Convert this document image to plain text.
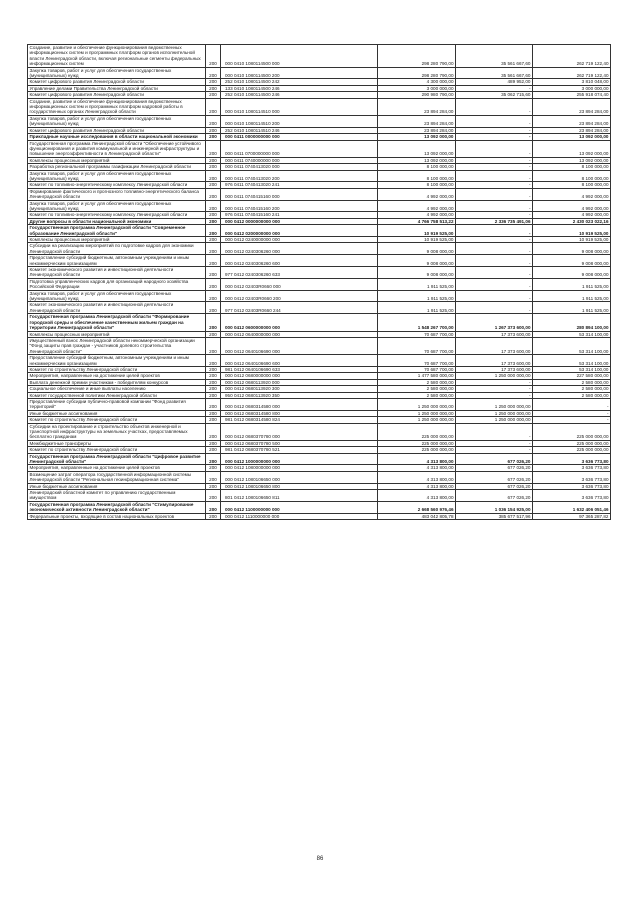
Создание, развитие и обеспечение функционирования ведомственных информационных систем и программных платформ органов исполнительной власти Ленинградской области, включая региональные сегменты федеральных информационных систем	200	000 0410 1080114500 000	298 280 790,00	35 561 667,60	262 719 122,40
Закупка товаров, работ и услуг для обеспечения государственных (муниципальных) нужд	200	000 0410 1080114500 200	298 280 790,00	35 561 667,60	262 719 122,40
Комитет цифрового развития Ленинградской области	200	252 0410 1080114500 242	4 300 000,00	489 952,00	3 810 048,00
Управление делами Правительства Ленинградской области	200	133 0410 1080114500 246	3 000 000,00	-	3 000 000,00
Комитет цифрового развития Ленинградской области	200	252 0410 1080114500 246	290 980 790,00	35 062 715,60	255 918 074,40
Создание, развитие и обеспечение функционирования ведомственных информационных систем и программных платформ кадровой работы в государственных органах Ленинградской области	200	000 0410 1080114510 000	23 894 284,00	-	23 894 284,00
Закупка товаров, работ и услуг для обеспечения государственных (муниципальных) нужд	200	000 0410 1080114510 200	23 894 284,00	-	23 894 284,00
Комитет цифрового развития Ленинградской области	200	252 0410 1080114510 246	23 894 284,00	-	23 894 284,00
Прикладные научные исследования в области национальной экономики	200	000 0411 0000000000 000	13 092 000,00	-	13 092 000,00
Государственная программа Ленинградской области "Обеспечение устойчивого функционирования и развития коммунальной и инженерной инфраструктуры и повышение энергоэффективности в Ленинградской области"	200	000 0411 0700000000 000	13 092 000,00	-	13 092 000,00
Комплексы процессных мероприятий	200	000 0411 0740000000 000	13 092 000,00	-	13 092 000,00
Разработка региональной программы газификации Ленинградской области	200	000 0411 0740413020 000	8 100 000,00	-	8 100 000,00
Закупка товаров, работ и услуг для обеспечения государственных (муниципальных) нужд	200	000 0411 0740413020 200	8 100 000,00	-	8 100 000,00
Комитет по топливно-энергетическому комплексу Ленинградской области	200	976 0411 0740413020 241	8 100 000,00	-	8 100 000,00
Формирование фактического и прогнозного топливно-энергетического баланса Ленинградской области	200	000 0411 0740415160 000	4 992 000,00	-	4 992 000,00
Закупка товаров, работ и услуг для обеспечения государственных (муниципальных) нужд	200	000 0411 0740415160 200	4 992 000,00	-	4 992 000,00
Комитет по топливно-энергетическому комплексу Ленинградской области	200	976 0411 0740415160 241	4 992 000,00	-	4 992 000,00
Другие вопросы в области национальной экономики	200	000 0412 0000000000 000	4 766 758 513,22	2 336 735 491,06	2 430 023 022,16
Государственная программа Ленинградской области "Современное образование Ленинградской области"	200	000 0412 0200000000 000	10 919 525,00	-	10 919 525,00
Комплексы процессных мероприятий	200	000 0412 0240000000 000	10 919 525,00	-	10 919 525,00
Субсидии на реализацию мероприятий по подготовке кадров для экономики Ленинградской области	200	000 0412 0240306260 000	9 008 000,00	-	9 008 000,00
Предоставление субсидий бюджетным, автономным учреждениям и иным некоммерческим организациям	200	000 0412 0240306260 600	9 008 000,00	-	9 008 000,00
Комитет экономического развития и инвестиционной деятельности Ленинградской области	200	977 0412 0240306260 633	9 008 000,00	-	9 008 000,00
Подготовка управленческих кадров для организаций народного хозяйства Российской Федерации	200	000 0412 02403R0660 000	1 911 525,00	-	1 911 525,00
Закупка товаров, работ и услуг для обеспечения государственных (муниципальных) нужд	200	000 0412 02403R0660 200	1 911 525,00	-	1 911 525,00
Комитет экономического развития и инвестиционной деятельности Ленинградской области	200	977 0412 02403R0660 244	1 911 525,00	-	1 911 525,00
Государственная программа Ленинградской области "Формирование городской среды и обеспечение качественным жильем граждан на территории Ленинградской области"	200	000 0412 0600000000 000	1 548 267 700,00	1 267 373 600,00	280 894 100,00
Комплексы процессных мероприятий	200	000 0412 0640000000 000	70 687 700,00	17 373 600,00	53 314 100,00
Имущественный взнос Ленинградской области некоммерческой организации "Фонд защиты прав граждан - участников долевого строительства Ленинградской области"	200	000 0412 0640106690 000	70 687 700,00	17 373 600,00	53 314 100,00
Предоставление субсидий бюджетным, автономным учреждениям и иным некоммерческим организациям	200	000 0412 0640106690 600	70 687 700,00	17 373 600,00	53 314 100,00
Комитет по строительству Ленинградской области	200	981 0412 0640106690 633	70 687 700,00	17 373 600,00	53 314 100,00
Мероприятия, направленные на достижение целей проектов	200	000 0412 0680000000 000	1 477 580 000,00	1 250 000 000,00	227 580 000,00
Выплата денежной премии участникам - победителям конкурсов	200	000 0412 0680113920 000	2 580 000,00	-	2 580 000,00
Социальное обеспечение и иные выплаты населению	200	000 0412 0680113920 300	2 580 000,00	-	2 580 000,00
Комитет государственной политики Ленинградской области	200	950 0412 0680113920 350	2 580 000,00	-	2 580 000,00
Предоставление субсидии публично-правовой компании "Фонд развития территорий"	200	000 0412 0680314580 000	1 250 000 000,00	1 250 000 000,00	-
Иные бюджетные ассигнования	200	000 0412 0680314580 800	1 250 000 000,00	1 250 000 000,00	-
Комитет по строительству Ленинградской области	200	981 0412 0680314580 824	1 250 000 000,00	1 250 000 000,00	-
Субсидии на проектирование и строительство объектов инженерной и транспортной инфраструктуры на земельных участках, предоставляемых бесплатно гражданам	200	000 0412 0680370780 000	225 000 000,00	-	225 000 000,00
Межбюджетные трансферты	200	000 0412 0680370780 500	225 000 000,00	-	225 000 000,00
Комитет по строительству Ленинградской области	200	981 0412 0680370780 521	225 000 000,00	-	225 000 000,00
Государственная программа Ленинградской области "Цифровое развитие Ленинградской области"	200	000 0412 1000000000 000	4 313 800,00	677 026,20	3 636 773,80
Мероприятия, направленные на достижение целей проектов	200	000 0412 1080000000 000	4 313 800,00	677 026,20	3 636 773,80
Возмещение затрат оператора государственной информационной системы Ленинградской области "Региональная геоинформационная система"	200	000 0412 1080106650 000	4 313 800,00	677 026,20	3 636 773,80
Иные бюджетные ассигнования	200	000 0412 1080106650 800	4 313 800,00	677 026,20	3 636 773,80
Ленинградский областной комитет по управлению государственным имуществом	200	801 0412 1080106650 811	4 313 800,00	677 026,20	3 636 773,80
Государственная программа Ленинградской области "Стимулирование экономической активности Ленинградской области"	200	000 0412 1100000000 000	2 668 560 976,46	1 036 154 925,00	1 632 406 051,46
Федеральные проекты, входящие в состав национальных проектов	200	000 0412 1110000000 000	483 042 805,78	385 677 517,96	97 365 287,82
86
